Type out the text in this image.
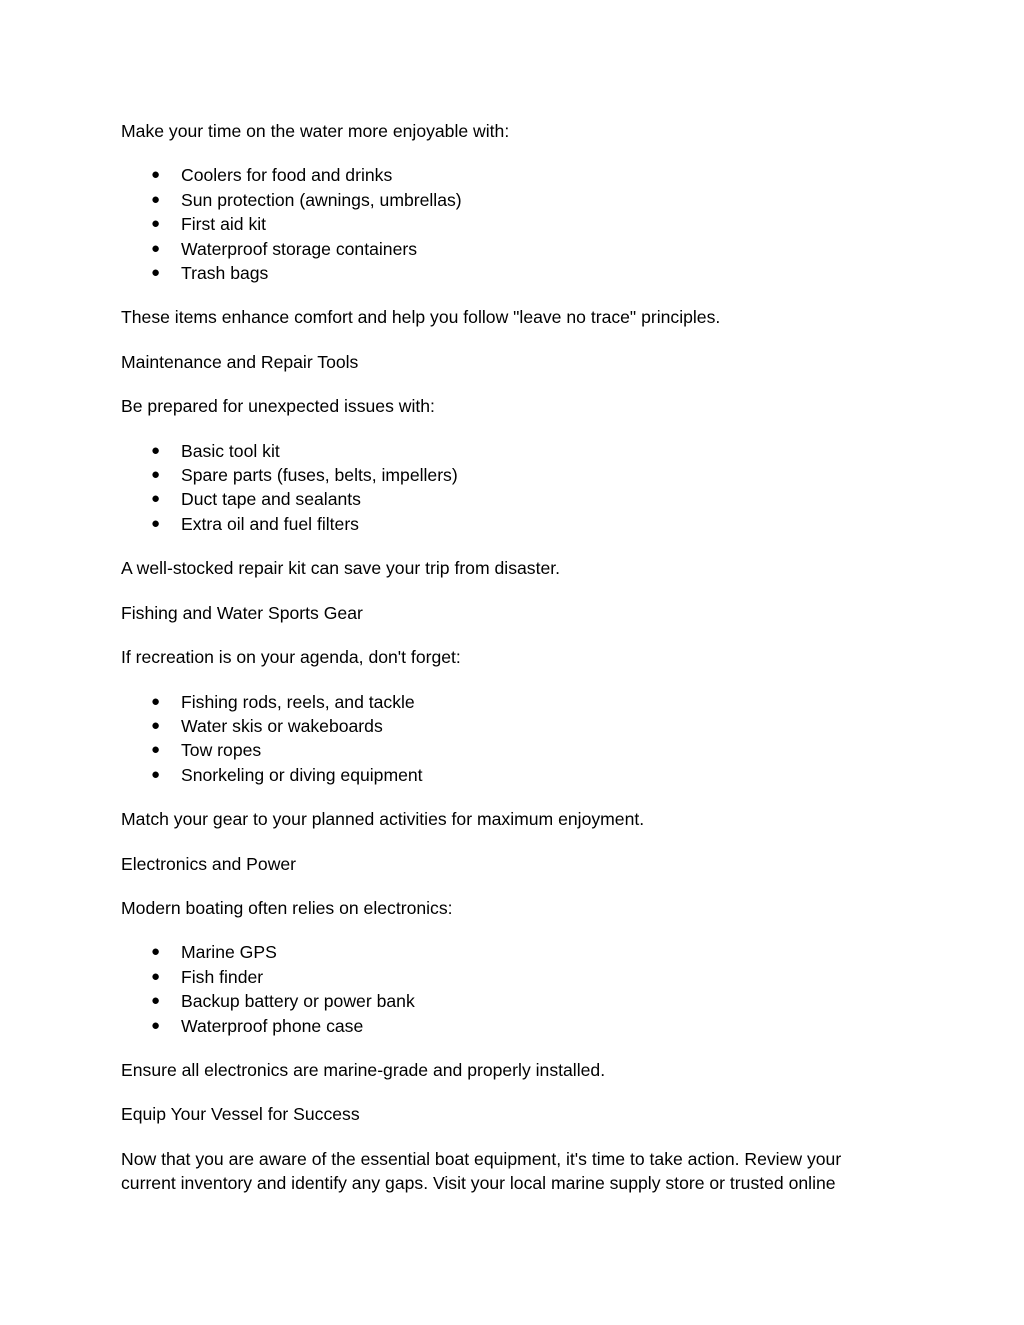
Make your time on the water more enjoyable with:

● Coolers for food and drinks
● Sun protection (awnings, umbrellas)
● First aid kit
● Waterproof storage containers
● Trash bags

These items enhance comfort and help you follow "leave no trace" principles.

Maintenance and Repair Tools

Be prepared for unexpected issues with:

● Basic tool kit
● Spare parts (fuses, belts, impellers)
● Duct tape and sealants
● Extra oil and fuel filters

A well-stocked repair kit can save your trip from disaster.

Fishing and Water Sports Gear

If recreation is on your agenda, don't forget:

● Fishing rods, reels, and tackle
● Water skis or wakeboards
● Tow ropes
● Snorkeling or diving equipment

Match your gear to your planned activities for maximum enjoyment.

Electronics and Power

Modern boating often relies on electronics:

● Marine GPS
● Fish finder
● Backup battery or power bank
● Waterproof phone case

Ensure all electronics are marine-grade and properly installed.

Equip Your Vessel for Success

Now that you are aware of the essential boat equipment, it's time to take action. Review your
current inventory and identify any gaps. Visit your local marine supply store or trusted online
